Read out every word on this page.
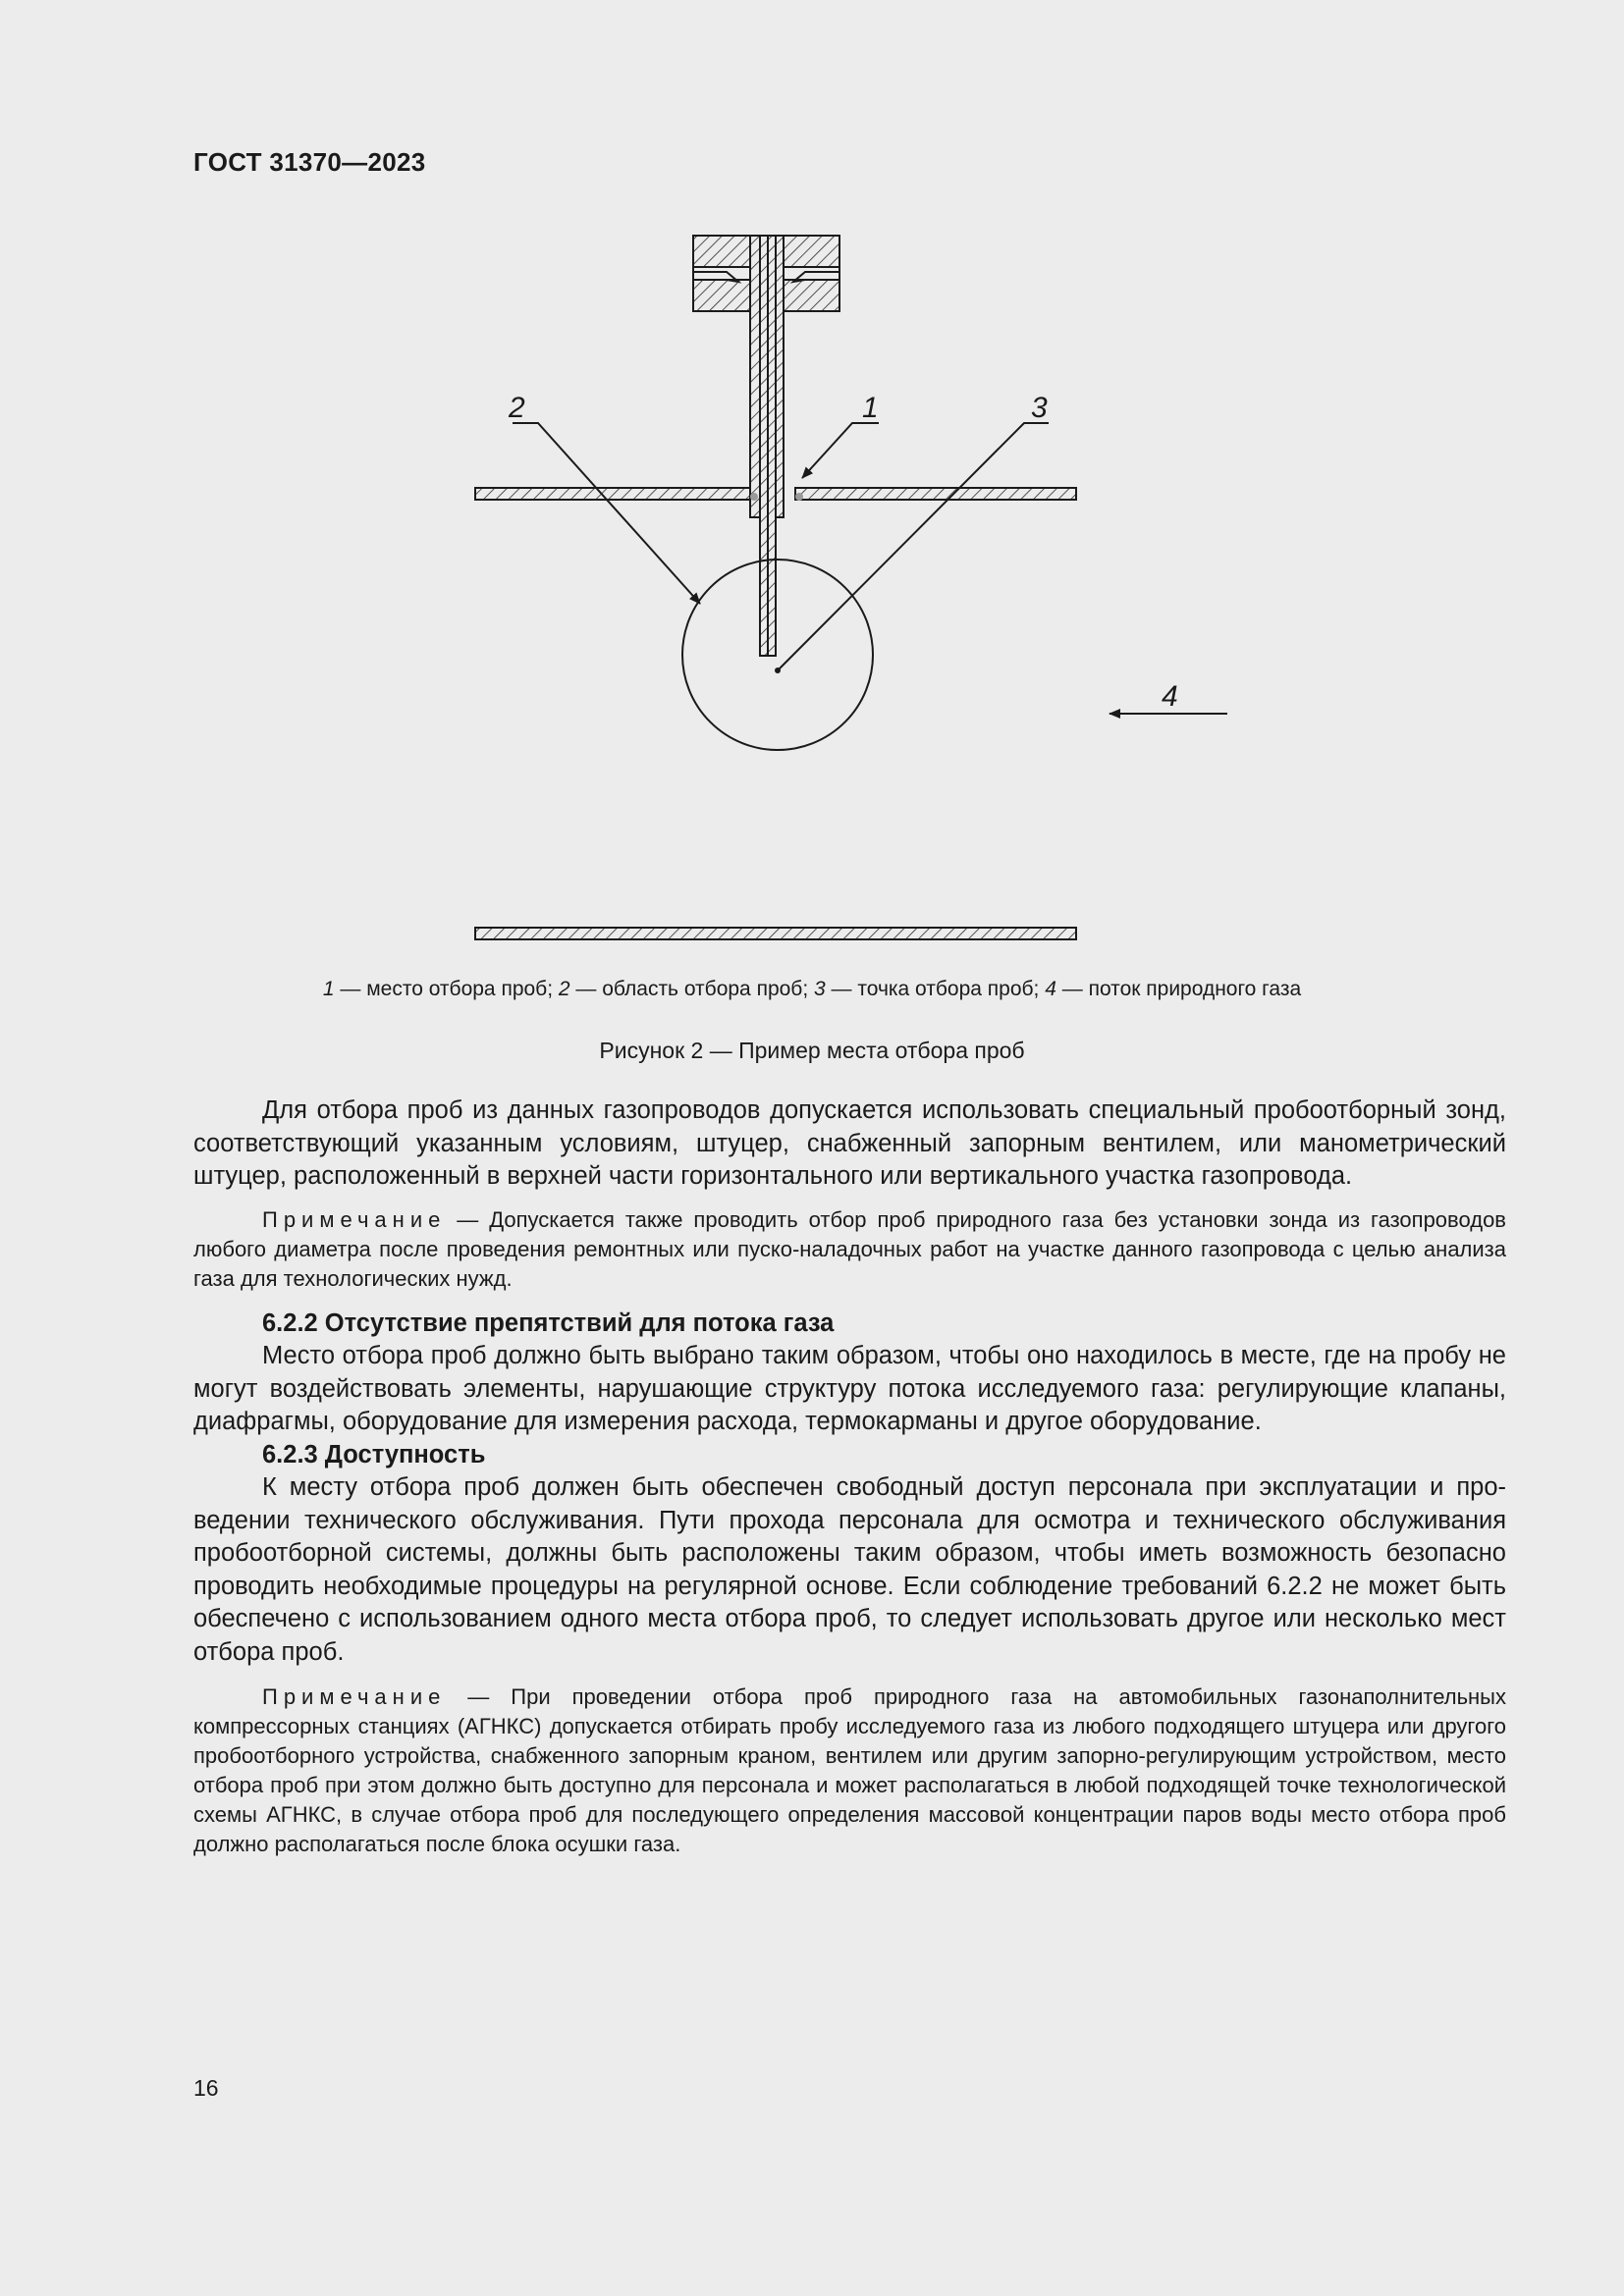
ГОСТ 31370—2023
2	1	3
4
1 — место отбора проб; 2 — область отбора проб; 3 — точка отбора проб; 4 — поток природного газа
Рисунок 2 — Пример места отбора проб

Для отбора проб из данных газопроводов допускается использовать специальный пробоотборный зонд, соответствующий указанным условиям, штуцер, снабженный запорным вентилем, или манометрический штуцер, расположенный в верхней части горизонтального или вертикального участка газопровода.

Примечание — Допускается также проводить отбор проб природного газа без установки зонда из газопроводов любого диаметра после проведения ремонтных или пуско-наладочных работ на участке данного газопровода с целью анализа газа для технологических нужд.

6.2.2 Отсутствие препятствий для потока газа

Место отбора проб должно быть выбрано таким образом, чтобы оно находилось в месте, где на пробу не могут воздействовать элементы, нарушающие структуру потока исследуемого газа: регулирующие клапаны, диафрагмы, оборудование для измерения расхода, термокарманы и другое оборудование.

6.2.3 Доступность

К месту отбора проб должен быть обеспечен свободный доступ персонала при эксплуатации и проведении технического обслуживания. Пути прохода персонала для осмотра и технического обслуживания пробоотборной системы, должны быть расположены таким образом, чтобы иметь возможность безопасно проводить необходимые процедуры на регулярной основе. Если соблюдение требований 6.2.2 не может быть обеспечено с использованием одного места отбора проб, то следует использовать другое или несколько мест отбора проб.

Примечание — При проведении отбора проб природного газа на автомобильных газонаполнительных компрессорных станциях (АГНКС) допускается отбирать пробу исследуемого газа из любого подходящего штуцера или другого пробоотборного устройства, снабженного запорным краном, вентилем или другим запорно-регулирующим устройством, место отбора проб при этом должно быть доступно для персонала и может располагаться в любой подходящей точке технологической схемы АГНКС, в случае отбора проб для последующего определения массовой концентрации паров воды место отбора проб должно располагаться после блока осушки газа.

16
